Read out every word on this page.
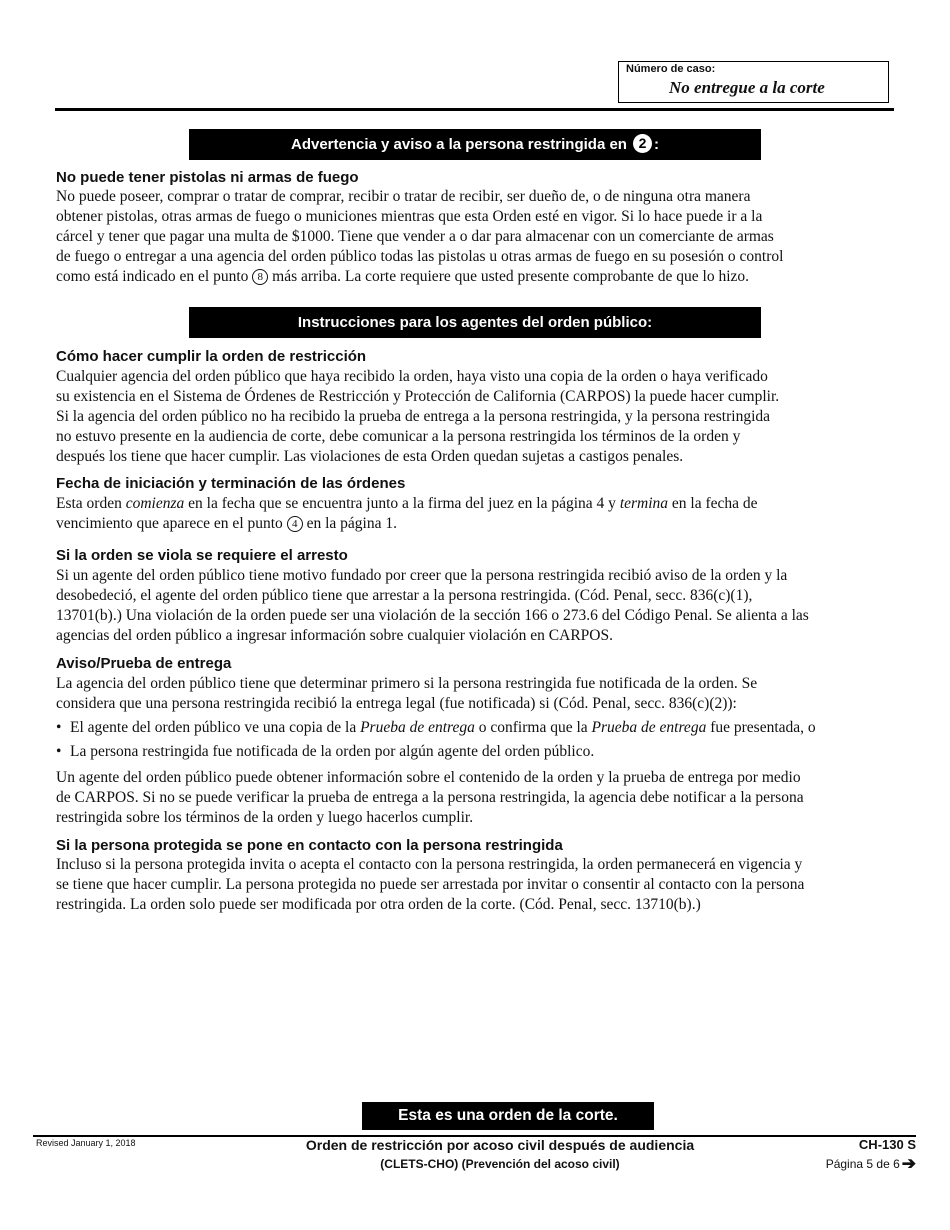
Número de caso:
No entregue a la corte
Advertencia y aviso a la persona restringida en 2 :
No puede tener pistolas ni armas de fuego
No puede poseer, comprar o tratar de comprar, recibir o tratar de recibir, ser dueño de, o de ninguna otra manera
obtener pistolas, otras armas de fuego o municiones mientras que esta Orden esté en vigor. Si lo hace puede ir a la
cárcel y tener que pagar una multa de $1000. Tiene que vender a o dar para almacenar con un comerciante de armas
de fuego o entregar a una agencia del orden público todas las pistolas u otras armas de fuego en su posesión o control
como está indicado en el punto 8 más arriba. La corte requiere que usted presente comprobante de que lo hizo.
Instrucciones para los agentes del orden público:
Cómo hacer cumplir la orden de restricción
Cualquier agencia del orden público que haya recibido la orden, haya visto una copia de la orden o haya verificado
su existencia en el Sistema de Órdenes de Restricción y Protección de California (CARPOS) la puede hacer cumplir.
Si la agencia del orden público no ha recibido la prueba de entrega a la persona restringida, y la persona restringida
no estuvo presente en la audiencia de corte, debe comunicar a la persona restringida los términos de la orden y
después los tiene que hacer cumplir. Las violaciones de esta Orden quedan sujetas a castigos penales.
Fecha de iniciación y terminación de las órdenes
Esta orden comienza en la fecha que se encuentra junto a la firma del juez en la página 4 y termina en la fecha de
vencimiento que aparece en el punto 4 en la página 1.
Si la orden se viola se requiere el arresto
Si un agente del orden público tiene motivo fundado por creer que la persona restringida recibió aviso de la orden y la
desobedeció, el agente del orden público tiene que arrestar a la persona restringida. (Cód. Penal, secc. 836(c)(1),
13701(b).) Una violación de la orden puede ser una violación de la sección 166 o 273.6 del Código Penal. Se alienta a las
agencias del orden público a ingresar información sobre cualquier violación en CARPOS.
Aviso/Prueba de entrega
La agencia del orden público tiene que determinar primero si la persona restringida fue notificada de la orden. Se
considera que una persona restringida recibió la entrega legal (fue notificada) si (Cód. Penal, secc. 836(c)(2)):
• El agente del orden público ve una copia de la Prueba de entrega o confirma que la Prueba de entrega fue presentada, o
• La persona restringida fue notificada de la orden por algún agente del orden público.
Un agente del orden público puede obtener información sobre el contenido de la orden y la prueba de entrega por medio
de CARPOS. Si no se puede verificar la prueba de entrega a la persona restringida, la agencia debe notificar a la persona
restringida sobre los términos de la orden y luego hacerlos cumplir.
Si la persona protegida se pone en contacto con la persona restringida
Incluso si la persona protegida invita o acepta el contacto con la persona restringida, la orden permanecerá en vigencia y
se tiene que hacer cumplir. La persona protegida no puede ser arrestada por invitar o consentir al contacto con la persona
restringida. La orden solo puede ser modificada por otra orden de la corte. (Cód. Penal, secc. 13710(b).)
Esta es una orden de la corte.
Revised January 1, 2018	Orden de restricción por acoso civil después de audiencia
(CLETS-CHO) (Prevención del acoso civil)
CH-130 S
Página 5 de 6 ➔
